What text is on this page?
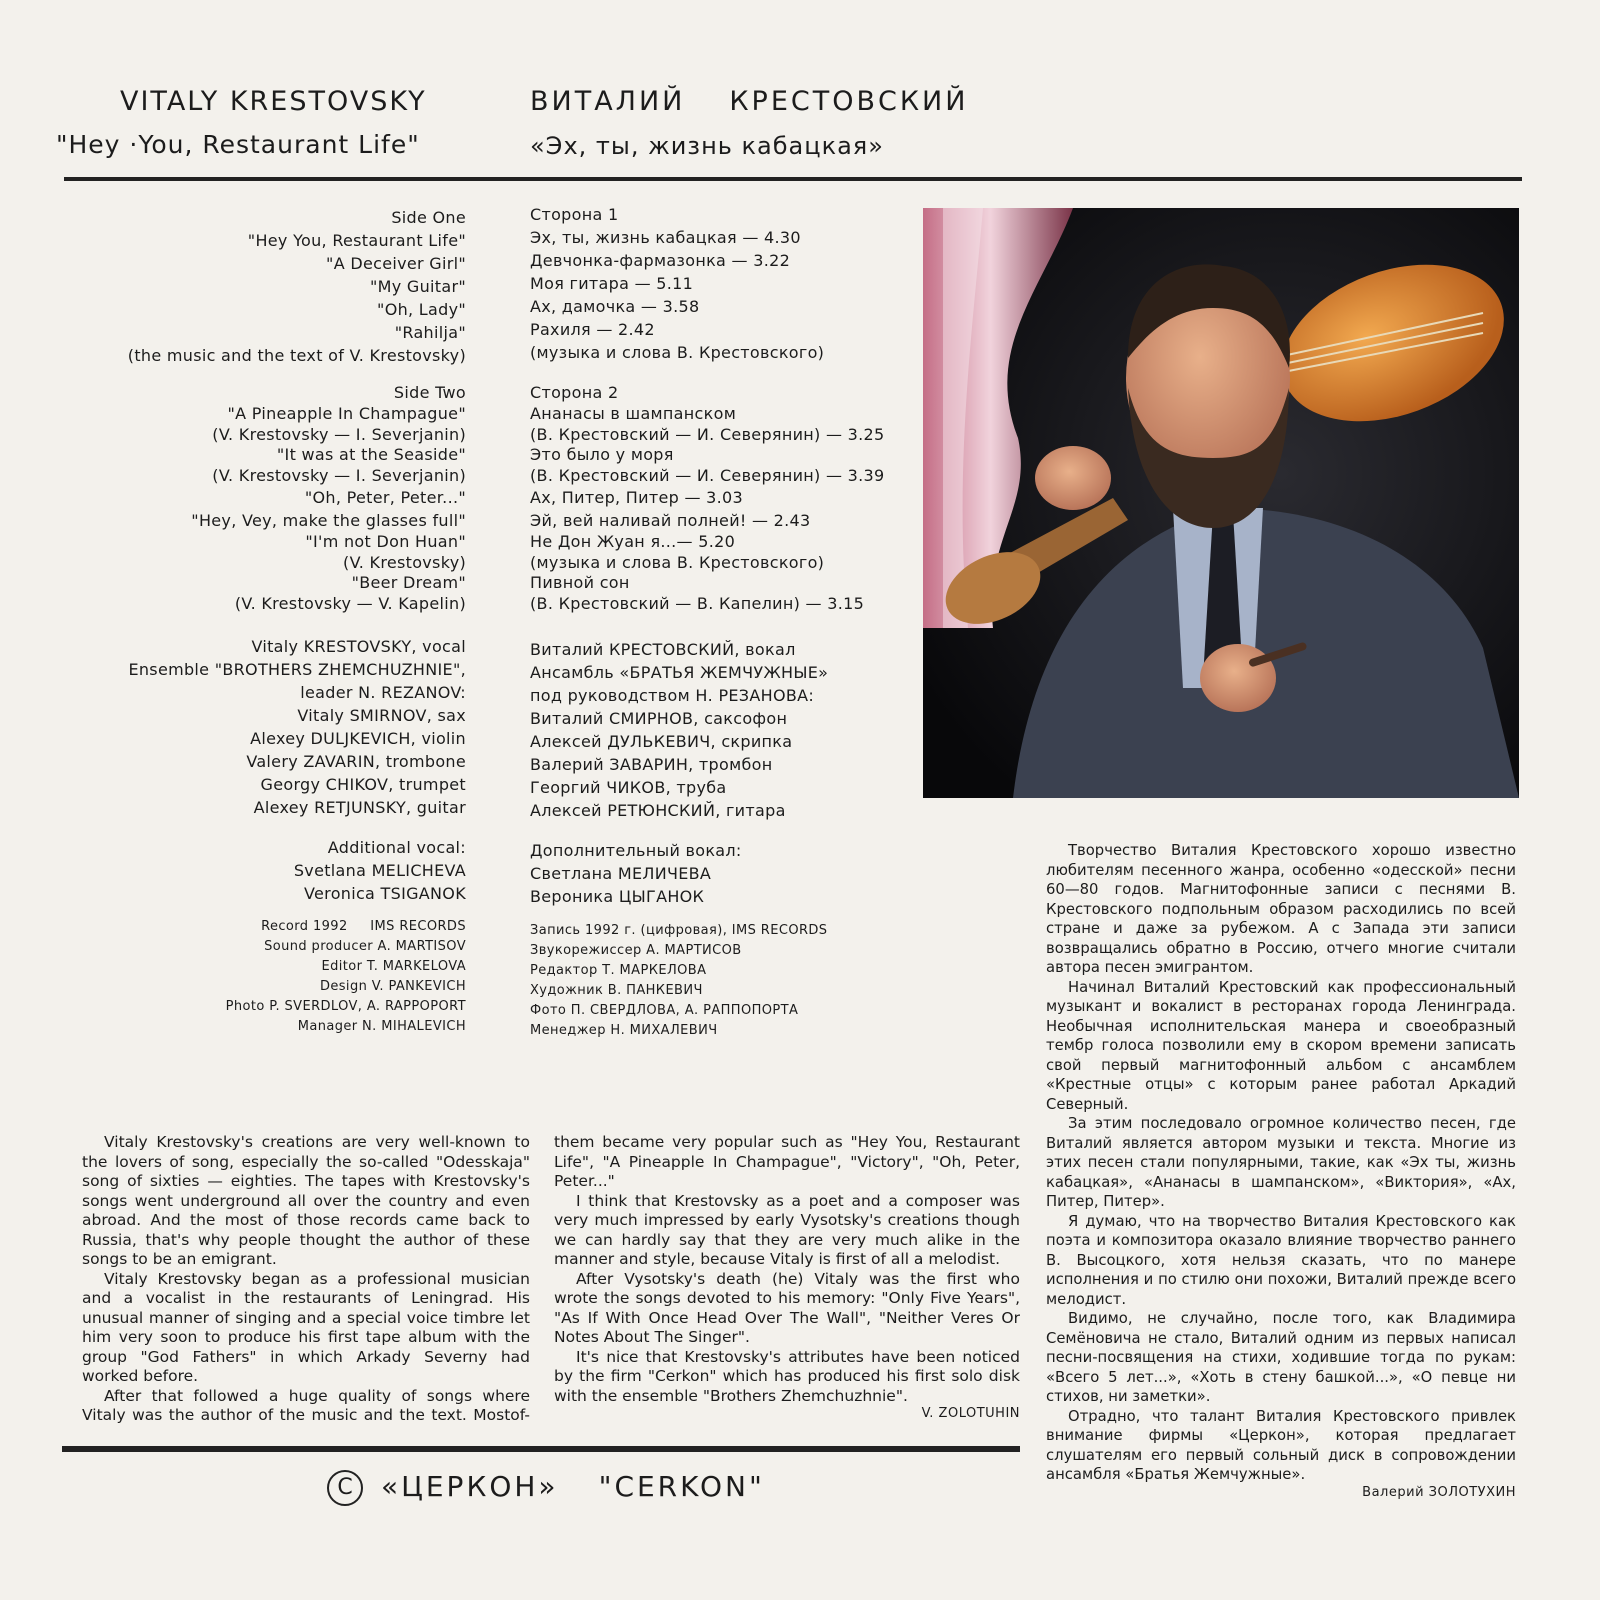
VITALY KRESTOVSKY
"Hey ·You, Restaurant Life"
ВИТАЛИЙ КРЕСТОВСКИЙ
«Эх, ты, жизнь кабацкая»
Side One
"Hey You, Restaurant Life"
"A Deceiver Girl"
"My Guitar"
"Oh, Lady"
"Rahilja"
(the music and the text of V. Krestovsky)
Side Two
"A Pineapple In Champague"
(V. Krestovsky — I. Severjanin)
"It was at the Seaside"
(V. Krestovsky — I. Severjanin)
"Oh, Peter, Peter..."
"Hey, Vey, make the glasses full"
"I'm not Don Huan"
(V. Krestovsky)
"Beer Dream"
(V. Krestovsky — V. Kapelin)
Сторона 1
Эх, ты, жизнь кабацкая — 4.30
Девчонка-фармазонка — 3.22
Моя гитара — 5.11
Ах, дамочка — 3.58
Рахиля — 2.42
(музыка и слова В. Крестовского)
Сторона 2
Ананасы в шампанском
(В. Крестовский — И. Северянин) — 3.25
Это было у моря
(В. Крестовский — И. Северянин) — 3.39
Ах, Питер, Питер — 3.03
Эй, вей наливай полней! — 2.43
Не Дон Жуан я...— 5.20
(музыка и слова В. Крестовского)
Пивной сон
(В. Крестовский — В. Капелин) — 3.15
Vitaly KRESTOVSKY, vocal
Ensemble "BROTHERS ZHEMCHUZHNIE",
leader N. REZANOV:
Vitaly SMIRNOV, sax
Alexey DULJKEVICH, violin
Valery ZAVARIN, trombone
Georgy CHIKOV, trumpet
Alexey RETJUNSKY, guitar
Виталий КРЕСТОВСКИЙ, вокал
Ансамбль «БРАТЬЯ ЖЕМЧУЖНЫЕ»
под руководством Н. РЕЗАНОВА:
Виталий СМИРНОВ, саксофон
Алексей ДУЛЬКЕВИЧ, скрипка
Валерий ЗАВАРИН, тромбон
Георгий ЧИКОВ, труба
Алексей РЕТЮНСКИЙ, гитара
Additional vocal:
Svetlana MELICHEVA
Veronica TSIGANOK
Дополнительный вокал:
Светлана МЕЛИЧЕВА
Вероника ЦЫГАНОК
Record 1992     IMS RECORDS
Sound producer A. MARTISOV
Editor T. MARKELOVA
Design V. PANKEVICH
Photo P. SVERDLOV, A. RAPPOPORT
Manager N. MIHALEVICH
Запись 1992 г. (цифровая), IMS RECORDS
Звукорежиссер А. МАРТИСОВ
Редактор Т. МАРКЕЛОВА
Художник В. ПАНКЕВИЧ
Фото П. СВЕРДЛОВА, А. РАППОПОРТА
Менеджер Н. МИХАЛЕВИЧ

Vitaly Krestovsky's creations are very well-known to the lovers of song, especially the so-called "Odesskaja" song of sixties — eighties. The tapes with Krestovsky's songs went underground all over the country and even abroad. And the most of those records came back to Russia, that's why people thought the author of these songs to be an emigrant.

Vitaly Krestovsky began as a professional musician and a vocalist in the restaurants of Leningrad. His unusual manner of singing and a special voice timbre let him very soon to produce his first tape album with the group "God Fathers" in which Arkady Severny had worked before.

After that followed a huge quality of songs where Vitaly was the author of the music and the text. Mostof-

them became very popular such as "Hey You, Restaurant Life", "A Pineapple In Champague", "Victory", "Oh, Peter, Peter..."

I think that Krestovsky as a poet and a composer was very much impressed by early Vysotsky's creations though we can hardly say that they are very much alike in the manner and style, because Vitaly is first of all a melodist.

After Vysotsky's death (he) Vitaly was the first who wrote the songs devoted to his memory: "Only Five Years", "As If With Once Head Over The Wall", "Neither Veres Or Notes About The Singer".

It's nice that Krestovsky's attributes have been noticed by the firm "Cerkon" which has produced his first solo disk with the ensemble "Brothers Zhemchuzhnie".

V. ZOLOTUHIN

Творчество Виталия Крестовского хорошо известно любителям песенного жанра, особенно «одесской» песни 60—80 годов. Магнитофонные записи с песнями В. Крестовского подпольным образом расходились по всей стране и даже за рубежом. А с Запада эти записи возвращались обратно в Россию, отчего многие считали автора песен эмигрантом.

Начинал Виталий Крестовский как профессиональный музыкант и вокалист в ресторанах города Ленинграда. Необычная исполнительская манера и своеобразный тембр голоса позволили ему в скором времени записать свой первый магнитофонный альбом с ансамблем «Крестные отцы» с которым ранее работал Аркадий Северный.

За этим последовало огромное количество песен, где Виталий является автором музыки и текста. Многие из этих песен стали популярными, такие, как «Эх ты, жизнь кабацкая», «Ананасы в шампанском», «Виктория», «Ах, Питер, Питер».

Я думаю, что на творчество Виталия Крестовского как поэта и композитора оказало влияние творчество раннего В. Высоцкого, хотя нельзя сказать, что по манере исполнения и по стилю они похожи, Виталий прежде всего мелодист.

Видимо, не случайно, после того, как Владимира Семёновича не стало, Виталий одним из первых написал песни-посвящения на стихи, ходившие тогда по рукам: «Всего 5 лет...», «Хоть в стену башкой...», «О певце ни стихов, ни заметки».

Отрадно, что талант Виталия Крестовского привлек внимание фирмы «Церкон», которая предлагает слушателям его первый сольный диск в сопровождении ансамбля «Братья Жемчужные».

Валерий ЗОЛОТУХИН
C «ЦЕРКОН» "CERKON"
